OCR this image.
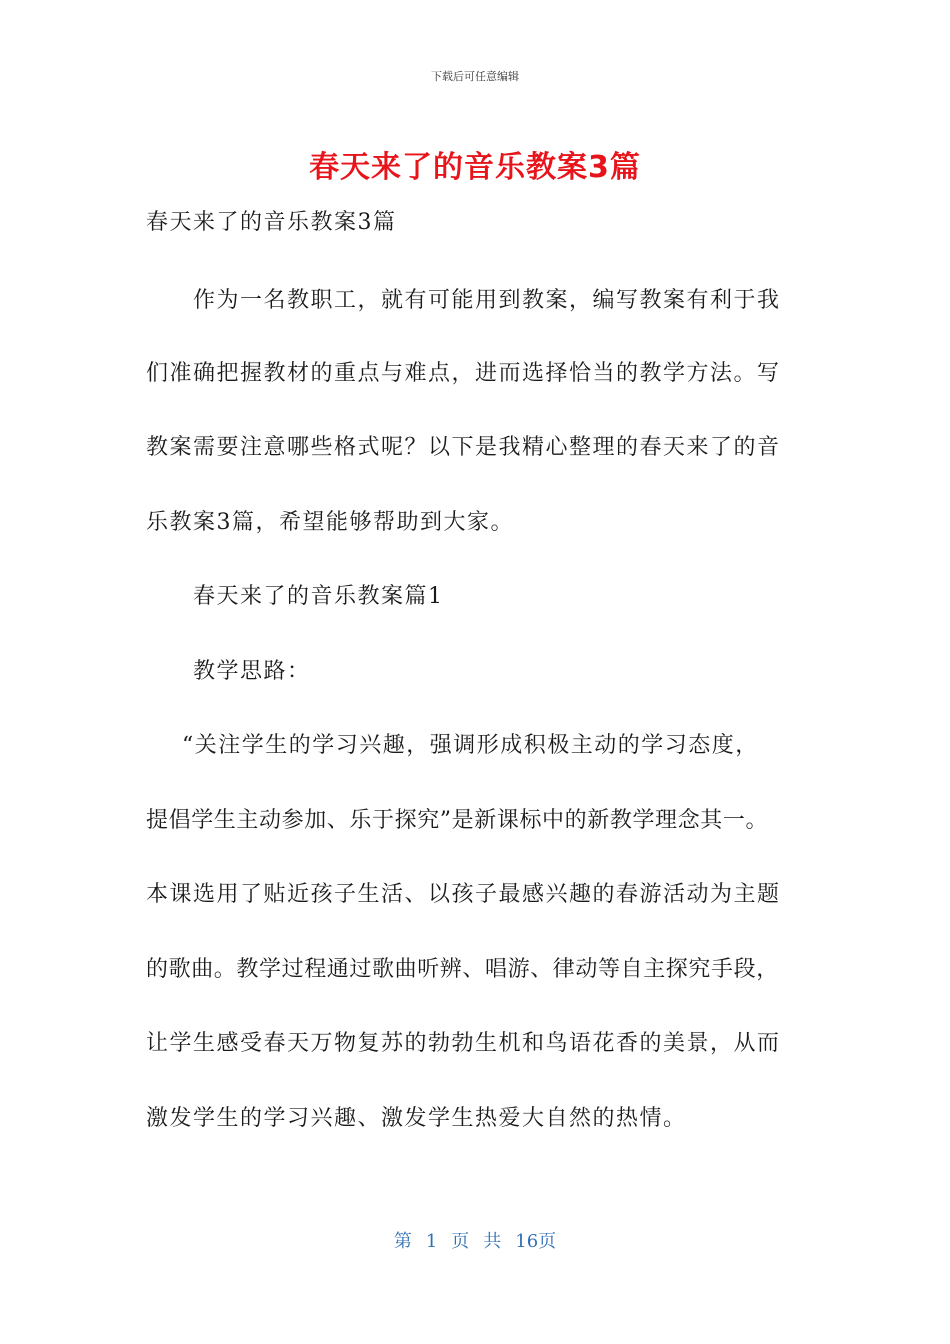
下载后可任意编辑
春天来了的音乐教案3篇
春天来了的音乐教案3篇
作为一名教职工，就有可能用到教案，编写教案有利于我
们准确把握教材的重点与难点，进而选择恰当的教学方法。写
教案需要注意哪些格式呢？以下是我精心整理的春天来了的音
乐教案3篇，希望能够帮助到大家。
春天来了的音乐教案篇1
教学思路：
“关注学生的学习兴趣，强调形成积极主动的学习态度，
提倡学生主动参加、乐于探究”是新课标中的新教学理念其一。
本课选用了贴近孩子生活、以孩子最感兴趣的春游活动为主题
的歌曲。教学过程通过歌曲听辨、唱游、律动等自主探究手段，
让学生感受春天万物复苏的勃勃生机和鸟语花香的美景，从而
激发学生的学习兴趣、激发学生热爱大自然的热情。
第 1 页 共 16页
